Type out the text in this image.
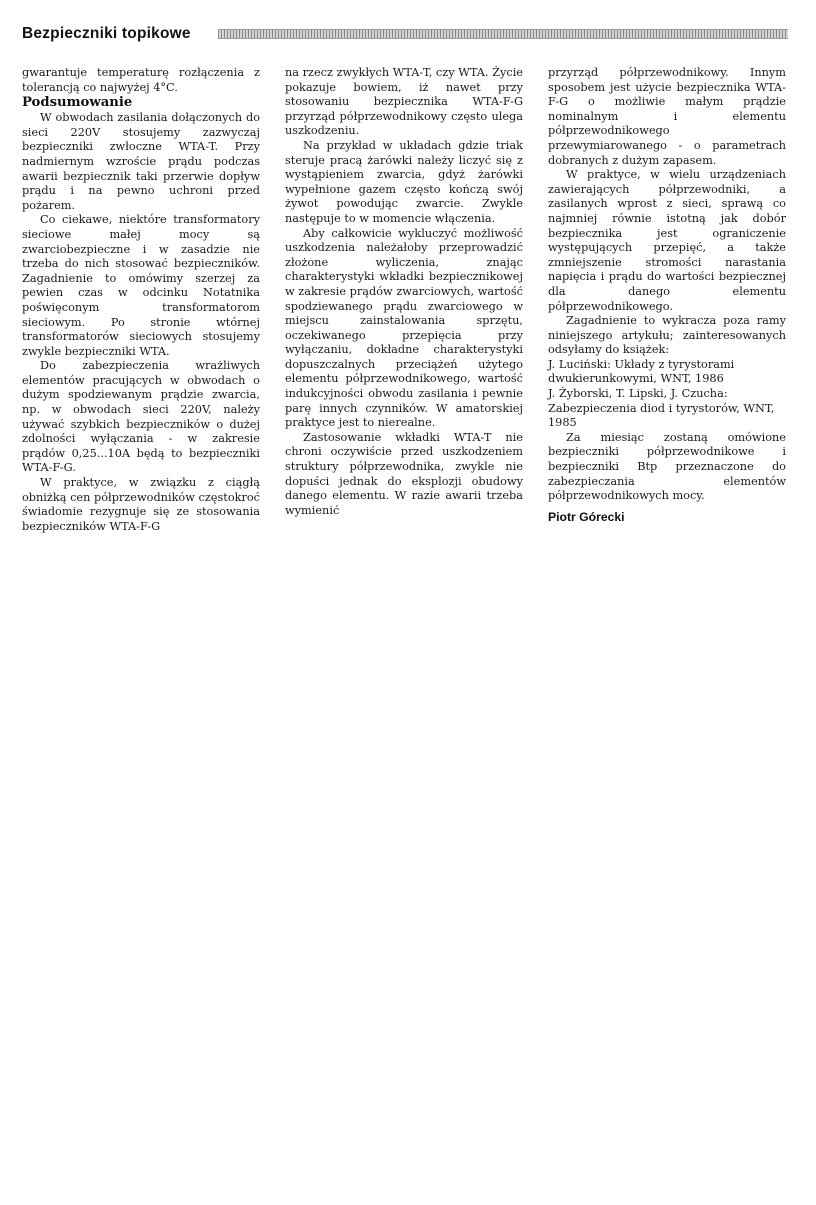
Bezpieczniki topikowe

gwarantuje temperaturę rozłączenia z tolerancją co najwyżej 4°C.

Podsumowanie

W obwodach zasilania dołączonych do sieci 220V stosujemy zazwyczaj bezpieczniki zwłoczne WTA-T. Przy nadmiernym wzroście prądu podczas awarii bezpiecznik taki przerwie dopływ prądu i na pewno uchroni przed pożarem.

Co ciekawe, niektóre transformatory sieciowe małej mocy są zwarciobezpieczne i w zasadzie nie trzeba do nich stosować bezpieczników. Zagadnienie to omówimy szerzej za pewien czas w odcinku Notatnika poświęconym transformatorom sieciowym. Po stronie wtórnej transformatorów sieciowych stosujemy zwykle bezpieczniki WTA.

Do zabezpieczenia wrażliwych elementów pracujących w obwodach o dużym spodziewanym prądzie zwarcia, np. w obwodach sieci 220V, należy używać szybkich bezpieczników o dużej zdolności wyłączania - w zakresie prądów 0,25...10A będą to bezpieczniki WTA-F-G.

W praktyce, w związku z ciągłą obniżką cen półprzewodników częstokroć świadomie rezygnuje się ze stosowania bezpieczników WTA-F-G

na rzecz zwykłych WTA-T, czy WTA. Życie pokazuje bowiem, iż nawet przy stosowaniu bezpiecznika WTA-F-G przyrząd półprzewodnikowy często ulega uszkodzeniu.

Na przykład w układach gdzie triak steruje pracą żarówki należy liczyć się z wystąpieniem zwarcia, gdyż żarówki wypełnione gazem często kończą swój żywot powodując zwarcie. Zwykle następuje to w momencie włączenia.

Aby całkowicie wykluczyć możliwość uszkodzenia należałoby przeprowadzić złożone wyliczenia, znając charakterystyki wkładki bezpiecznikowej w zakresie prądów zwarciowych, wartość spodziewanego prądu zwarciowego w miejscu zainstalowania sprzętu, oczekiwanego przepięcia przy wyłączaniu, dokładne charakterystyki dopuszczalnych przeciążeń użytego elementu półprzewodnikowego, wartość indukcyjności obwodu zasilania i pewnie parę innych czynników. W amatorskiej praktyce jest to nierealne.

Zastosowanie wkładki WTA-T nie chroni oczywiście przed uszkodzeniem struktury półprzewodnika, zwykle nie dopuści jednak do eksplozji obudowy danego elementu. W razie awarii trzeba wymienić

przyrząd półprzewodnikowy. Innym sposobem jest użycie bezpiecznika WTA-F-G o możliwie małym prądzie nominalnym i elementu półprzewodnikowego przewymiarowanego - o parametrach dobranych z dużym zapasem.

W praktyce, w wielu urządzeniach zawierających półprzewodniki, a zasilanych wprost z sieci, sprawą co najmniej równie istotną jak dobór bezpiecznika jest ograniczenie występujących przepięć, a także zmniejszenie stromości narastania napięcia i prądu do wartości bezpiecznej dla danego elementu półprzewodnikowego.

Zagadnienie to wykracza poza ramy niniejszego artykułu; zainteresowanych odsyłamy do książek:

J. Luciński: Układy z tyrystorami dwukierunkowymi, WNT, 1986

J. Żyborski, T. Lipski, J. Czucha: Zabezpieczenia diod i tyrystorów, WNT, 1985

Za miesiąc zostaną omówione bezpieczniki półprzewodnikowe i bezpieczniki Btp przeznaczone do zabezpieczania elementów półprzewodnikowych mocy.

Piotr Górecki
